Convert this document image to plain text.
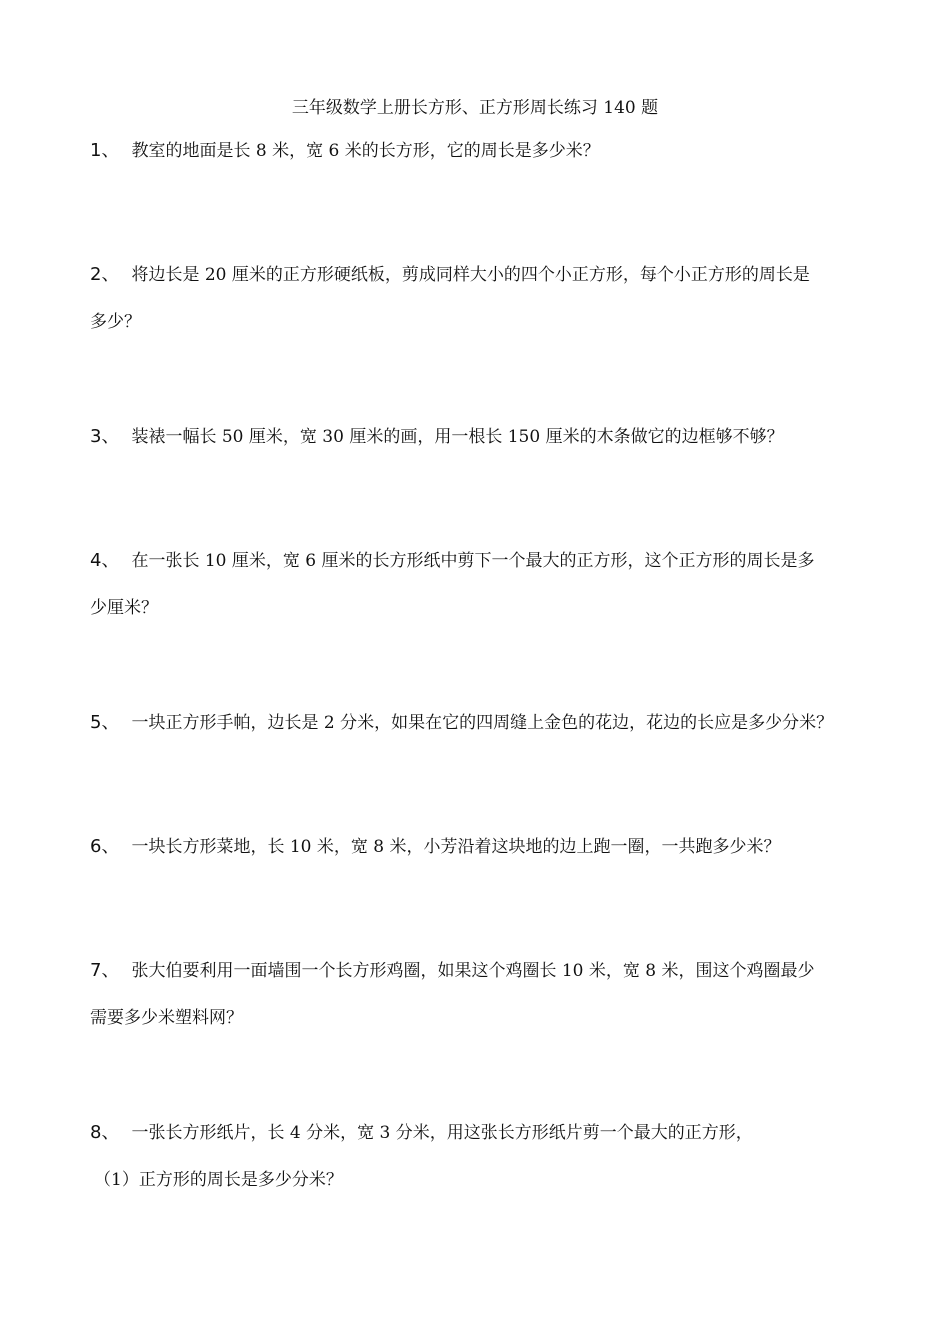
三年级数学上册长方形、正方形周长练习 140 题
1、 教室的地面是长 8 米，宽 6 米的长方形，它的周长是多少米？
2、 将边长是 20 厘米的正方形硬纸板，剪成同样大小的四个小正方形，每个小正方形的周长是
多少？
3、 装裱一幅长 50 厘米，宽 30 厘米的画，用一根长 150 厘米的木条做它的边框够不够？
4、 在一张长 10 厘米，宽 6 厘米的长方形纸中剪下一个最大的正方形，这个正方形的周长是多
少厘米？
5、 一块正方形手帕，边长是 2 分米，如果在它的四周缝上金色的花边，花边的长应是多少分米？
6、 一块长方形菜地，长 10 米，宽 8 米，小芳沿着这块地的边上跑一圈，一共跑多少米？
7、 张大伯要利用一面墙围一个长方形鸡圈，如果这个鸡圈长 10 米，宽 8 米，围这个鸡圈最少
需要多少米塑料网？
8、 一张长方形纸片，长 4 分米，宽 3 分米，用这张长方形纸片剪一个最大的正方形，
（1）正方形的周长是多少分米？
